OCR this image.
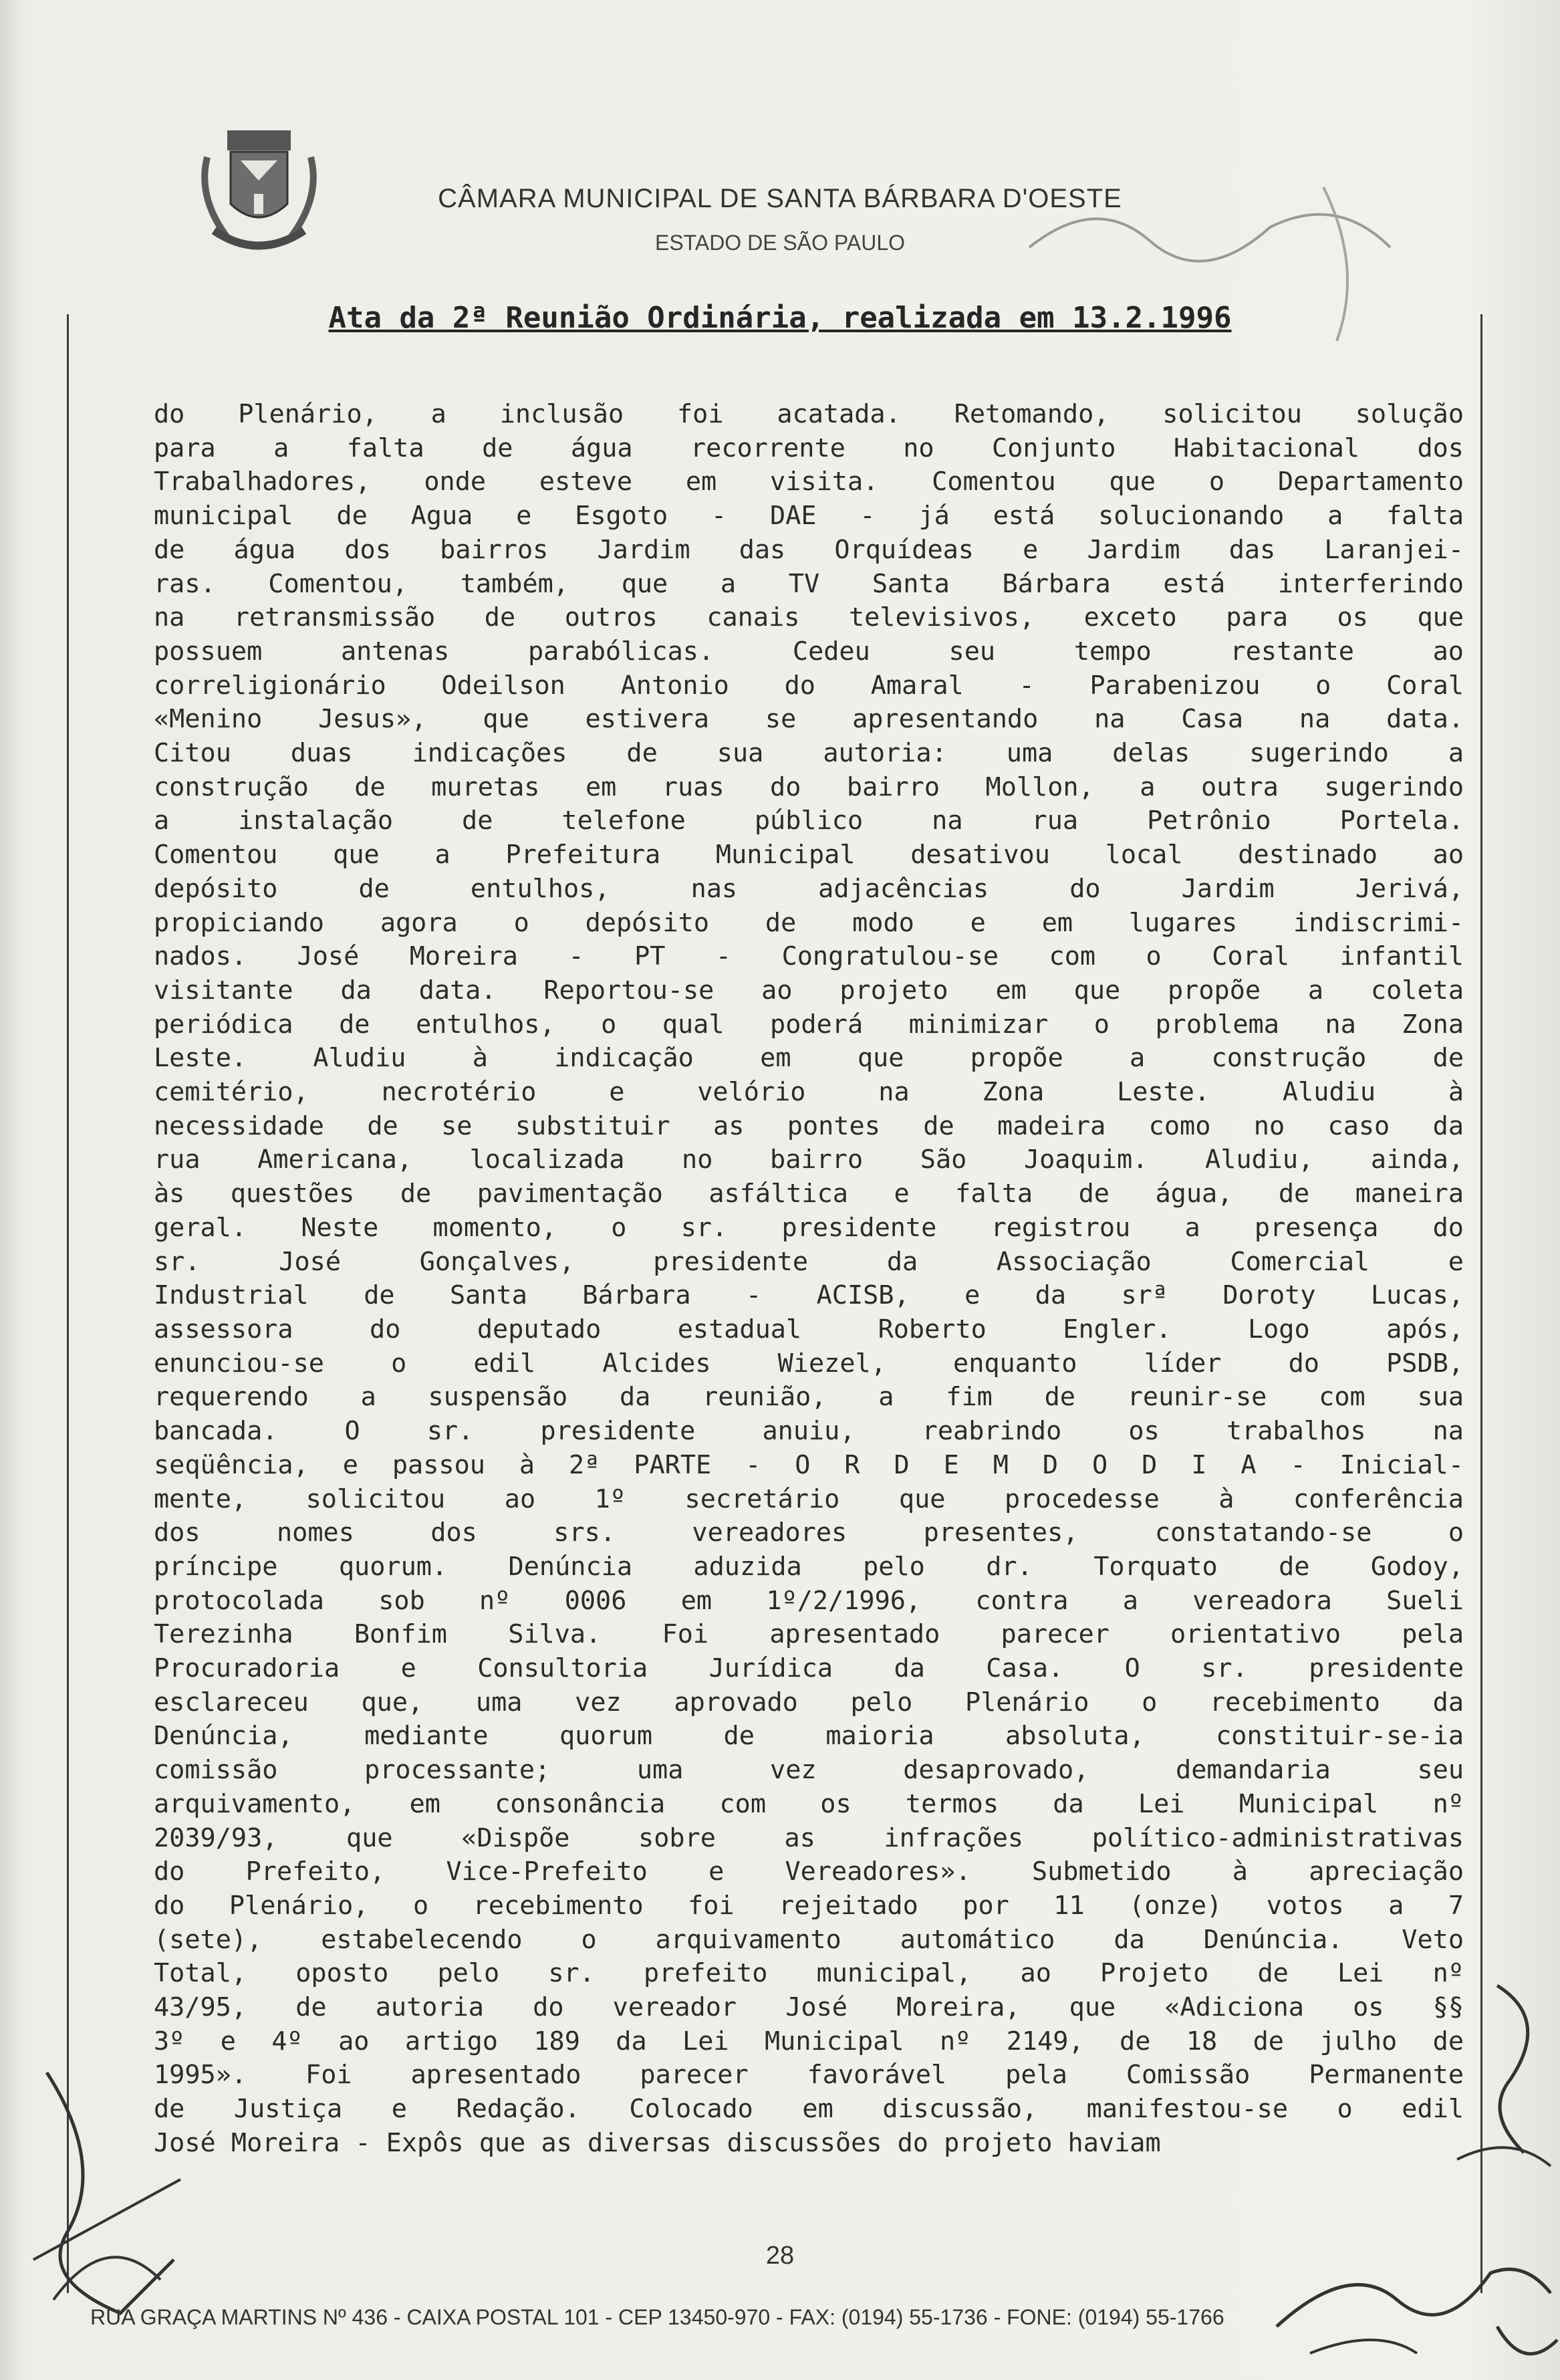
CÂMARA MUNICIPAL DE SANTA BÁRBARA D'OESTE
ESTADO DE SÃO PAULO
Ata da 2ª Reunião Ordinária, realizada em 13.2.1996
do Plenário, a inclusão foi acatada. Retomando, solicitou solução
para a falta de água recorrente no Conjunto Habitacional dos
Trabalhadores, onde esteve em visita. Comentou que o Departamento
municipal de Agua e Esgoto - DAE - já está solucionando a falta
de água dos bairros Jardim das Orquídeas e Jardim das Laranjei-
ras. Comentou, também, que a TV Santa Bárbara está interferindo
na retransmissão de outros canais televisivos, exceto para os que
possuem antenas parabólicas. Cedeu seu tempo restante ao
correligionário Odeilson Antonio do Amaral - Parabenizou o Coral
«Menino Jesus», que estivera se apresentando na Casa na data.
Citou duas indicações de sua autoria: uma delas sugerindo a
construção de muretas em ruas do bairro Mollon, a outra sugerindo
a instalação de telefone público na rua Petrônio Portela.
Comentou que a Prefeitura Municipal desativou local destinado ao
depósito de entulhos, nas adjacências do Jardim Jerivá,
propiciando agora o depósito de modo e em lugares indiscrimi-
nados. José Moreira - PT - Congratulou-se com o Coral infantil
visitante da data. Reportou-se ao projeto em que propõe a coleta
periódica de entulhos, o qual poderá minimizar o problema na Zona
Leste. Aludiu à indicação em que propõe a construção de
cemitério, necrotério e velório na Zona Leste. Aludiu à
necessidade de se substituir as pontes de madeira como no caso da
rua Americana, localizada no bairro São Joaquim. Aludiu, ainda,
às questões de pavimentação asfáltica e falta de água, de maneira
geral. Neste momento, o sr. presidente registrou a presença do
sr. José Gonçalves, presidente da Associação Comercial e
Industrial de Santa Bárbara - ACISB, e da srª Doroty Lucas,
assessora do deputado estadual Roberto Engler. Logo após,
enunciou-se o edil Alcides Wiezel, enquanto líder do PSDB,
requerendo a suspensão da reunião, a fim de reunir-se com sua
bancada. O sr. presidente anuiu, reabrindo os trabalhos na
seqüência, e passou à 2ª PARTE - O R D E M D O D I A - Inicial-
mente, solicitou ao 1º secretário que procedesse à conferência
dos nomes dos srs. vereadores presentes, constatando-se o
príncipe quorum. Denúncia aduzida pelo dr. Torquato de Godoy,
protocolada sob nº 0006 em 1º/2/1996, contra a vereadora Sueli
Terezinha Bonfim Silva. Foi apresentado parecer orientativo pela
Procuradoria e Consultoria Jurídica da Casa. O sr. presidente
esclareceu que, uma vez aprovado pelo Plenário o recebimento da
Denúncia, mediante quorum de maioria absoluta, constituir-se-ia
comissão processante; uma vez desaprovado, demandaria seu
arquivamento, em consonância com os termos da Lei Municipal nº
2039/93, que «Dispõe sobre as infrações político-administrativas
do Prefeito, Vice-Prefeito e Vereadores». Submetido à apreciação
do Plenário, o recebimento foi rejeitado por 11 (onze) votos a 7
(sete), estabelecendo o arquivamento automático da Denúncia. Veto
Total, oposto pelo sr. prefeito municipal, ao Projeto de Lei nº
43/95, de autoria do vereador José Moreira, que «Adiciona os §§
3º e 4º ao artigo 189 da Lei Municipal nº 2149, de 18 de julho de
1995». Foi apresentado parecer favorável pela Comissão Permanente
de Justiça e Redação. Colocado em discussão, manifestou-se o edil
José Moreira - Expôs que as diversas discussões do projeto haviam
28
RUA GRAÇA MARTINS Nº 436 - CAIXA POSTAL 101 - CEP 13450-970 - FAX: (0194) 55-1736 - FONE: (0194) 55-1766
